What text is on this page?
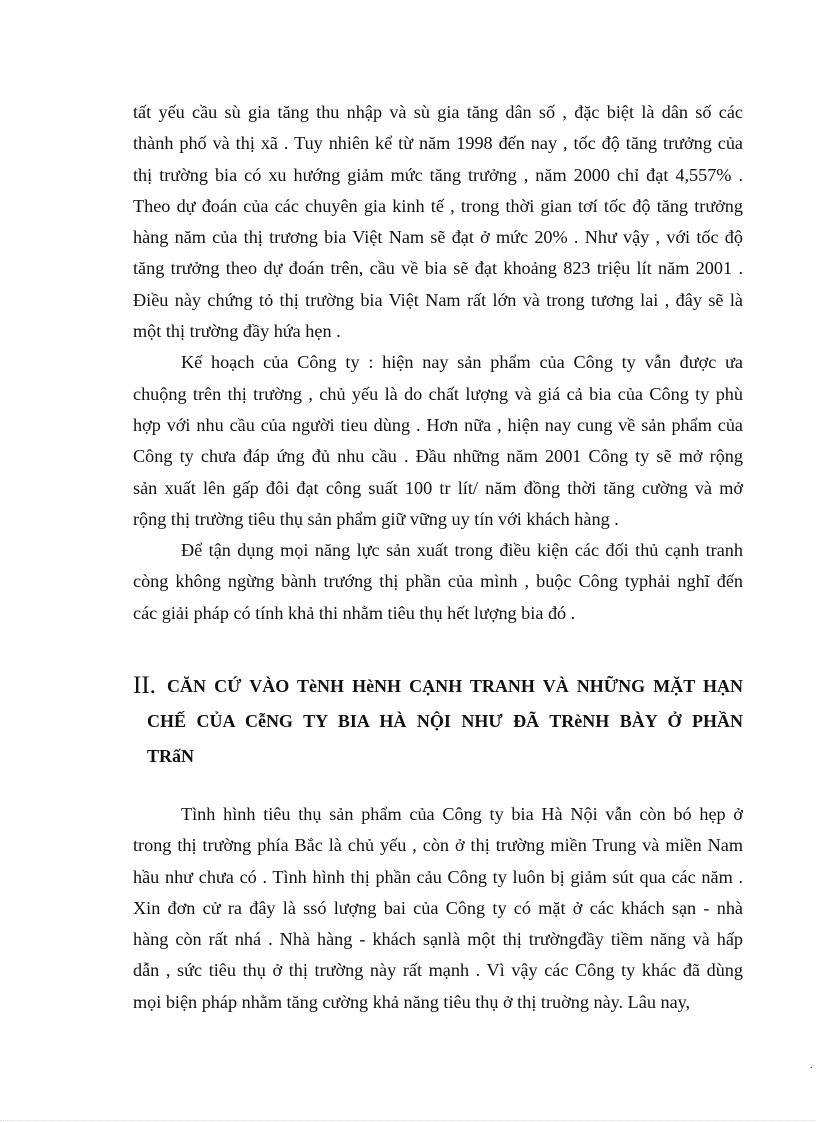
tất yếu cầu sù gia tăng thu nhập và sù gia tăng dân số , đặc biệt là dân số các
thành phố và thị xã . Tuy nhiên kể từ năm 1998 đến nay , tốc độ tăng trưởng của
thị trường bia có xu hướng giảm mức tăng trưởng , năm 2000 chỉ đạt 4,557% .
Theo dự đoán của các chuyên gia kinh tế , trong thời gian tơí tốc độ tăng trưởng
hàng năm của thị trương bia Việt Nam sẽ đạt ở mức 20% . Như vậy , với tốc độ
tăng trưởng theo dự đoán trên, cầu về bia sẽ đạt khoảng 823 triệu lít năm 2001 .
Điều này chứng tỏ thị trường bia Việt Nam rất lớn và trong tương lai , đây sẽ là
một thị trường đầy hứa hẹn .
Kế hoạch của Công ty : hiện nay sản phẩm của Công ty vẫn được ưa
chuộng trên thị trường , chủ yếu là do chất lượng và giá cả bia của Công ty phù
hợp với nhu cầu của người tieu dùng . Hơn nữa , hiện nay cung về sản phẩm của
Công ty chưa đáp ứng đủ nhu cầu . Đầu những năm 2001 Công ty sẽ mở rộng
sản xuất lên gấp đôi đạt công suất 100 tr lít/ năm đồng thời tăng cường và mở
rộng thị trường tiêu thụ sản phẩm giữ vững uy tín với khách hàng .
Để tận dụng mọi năng lực sản xuất trong điều kiện các đối thủ cạnh tranh
còng không ngừng bành trướng thị phần của mình , buộc Công typhải nghĩ đến
các giải pháp có tính khả thi nhằm tiêu thụ hết lượng bia đó .
II. CĂN CỨ VÀO TèNH HèNH CẠNH TRANH VÀ NHỮNG MẶT HẠN
CHẾ CỦA CễNG TY BIA HÀ NỘI NHƯ ĐÃ TRèNH BÀY Ở PHẦN
TRấN
Tình hình tiêu thụ sản phẩm của Công ty bia Hà Nội vẫn còn bó hẹp ở
trong thị trường phía Bắc là chủ yếu , còn ở thị trường miền Trung và miền Nam
hầu như chưa có . Tình hình thị phần cảu Công ty luôn bị giảm sút qua các năm .
Xin đơn cử ra đây là ssó lượng bai của Công ty có mặt ở các khách sạn - nhà
hàng còn rất nhá . Nhà hàng - khách sạnlà một thị trườngđầy tiềm năng và hấp
dẫn , sức tiêu thụ ở thị trường này rất mạnh . Vì vậy các Công ty khác đã dùng
mọi biện pháp nhằm tăng cường khả năng tiêu thụ ở thị truờng này. Lâu nay,
.
